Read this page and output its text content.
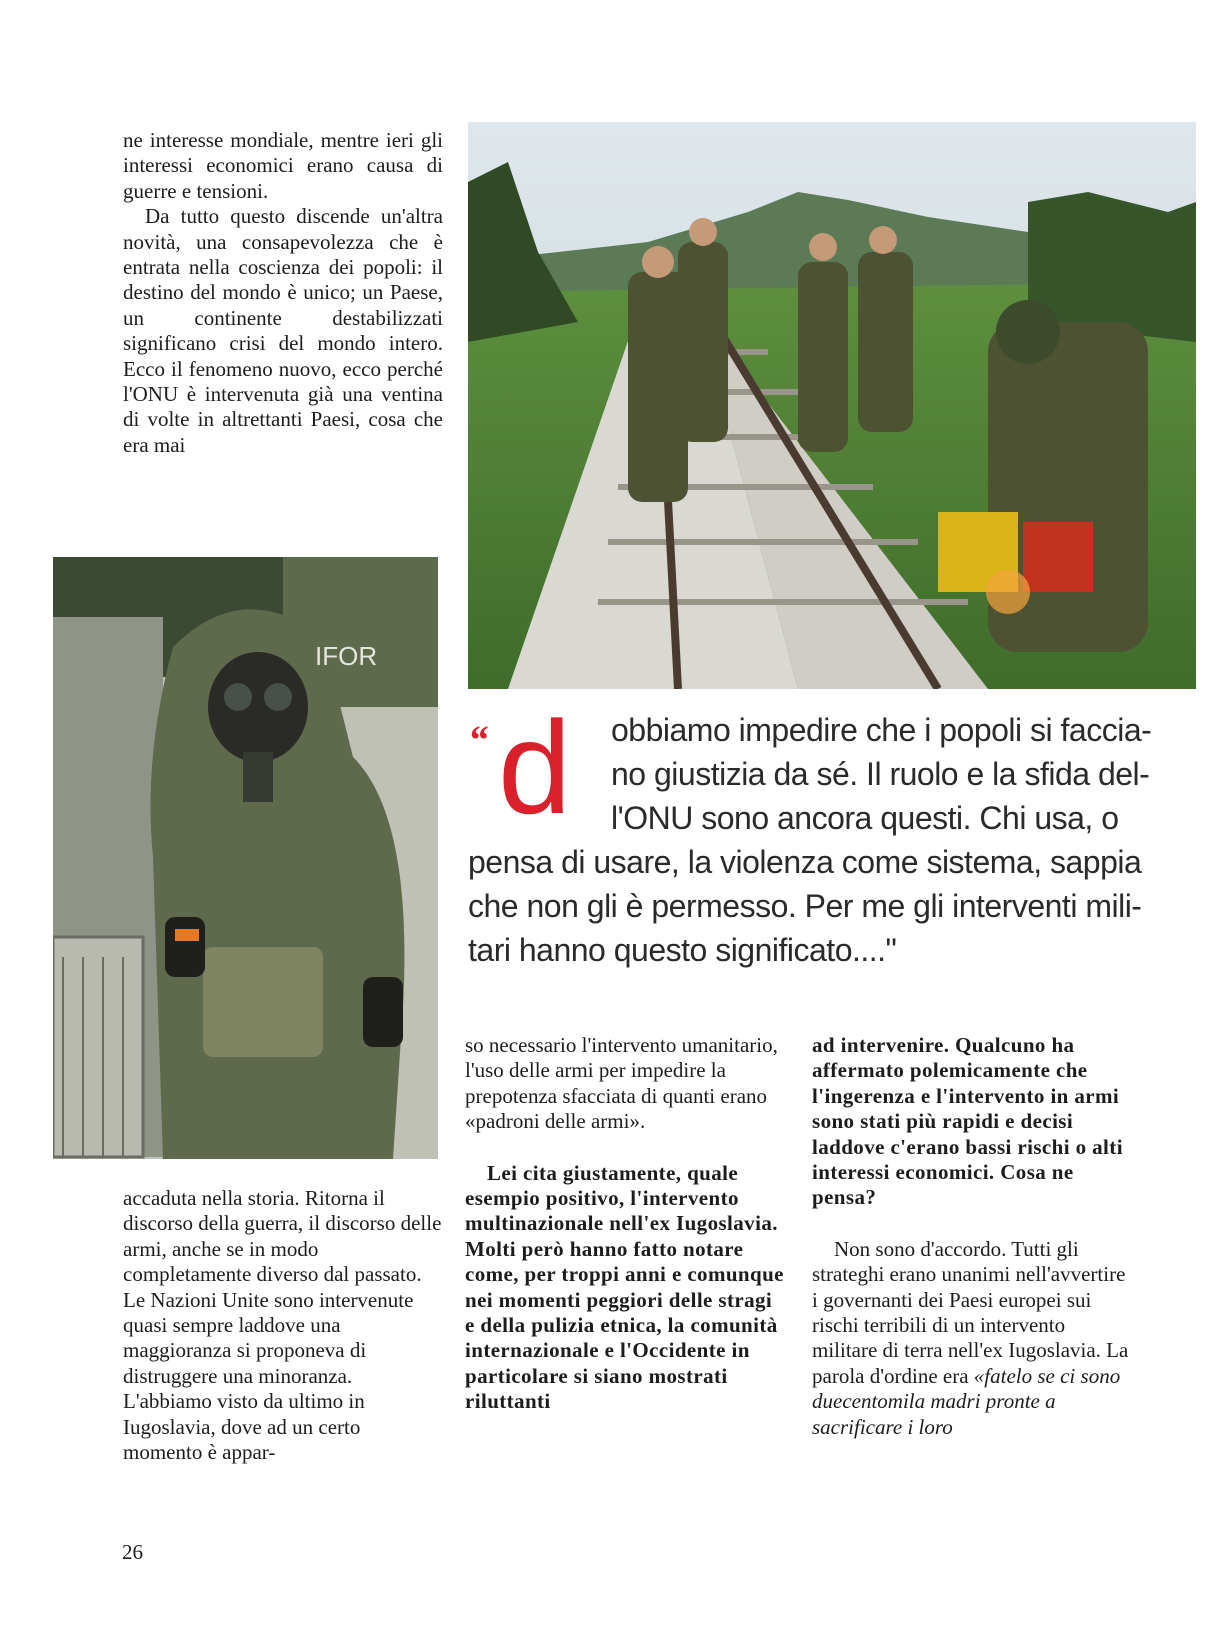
IFOR

ne interesse mondiale, mentre ieri gli interessi economici erano causa di guerre e tensioni.

Da tutto questo discende un'altra novità, una consapevolezza che è entrata nella coscienza dei popoli: il destino del mondo è unico; un Paese, un continente destabilizzati significano crisi del mondo intero. Ecco il fenomeno nuovo, ecco perché l'ONU è intervenuta già una ventina di volte in altrettanti Paesi, cosa che era mai

“ d obbiamo impedire che i popoli si faccia-
no giustizia da sé. Il ruolo e la sfida del-
l'ONU sono ancora questi. Chi usa, o
pensa di usare, la violenza come sistema, sappia
che non gli è permesso. Per me gli interventi mili-
tari hanno questo significato...."

accaduta nella storia. Ritorna il discorso della guerra, il discorso delle armi, anche se in modo completamente diverso dal passato. Le Nazioni Unite sono intervenute quasi sempre laddove una maggioranza si proponeva di distruggere una minoranza. L'abbiamo visto da ultimo in Iugoslavia, dove ad un certo momento è appar-

so necessario l'intervento umanitario, l'uso delle armi per impedire la prepotenza sfacciata di quanti erano «padroni delle armi».

Lei cita giustamente, quale esempio positivo, l'intervento multinazionale nell'ex Iugoslavia. Molti però hanno fatto notare come, per troppi anni e comunque nei momenti peggiori delle stragi e della pulizia etnica, la comunità internazionale e l'Occidente in particolare si siano mostrati riluttanti

ad intervenire. Qualcuno ha affermato polemicamente che l'ingerenza e l'intervento in armi sono stati più rapidi e decisi laddove c'erano bassi rischi o alti interessi economici. Cosa ne pensa?

Non sono d'accordo. Tutti gli strateghi erano unanimi nell'avvertire i governanti dei Paesi europei sui rischi terribili di un intervento militare di terra nell'ex Iugoslavia. La parola d'ordine era «fatelo se ci sono duecentomila madri pronte a sacrificare i loro

26
